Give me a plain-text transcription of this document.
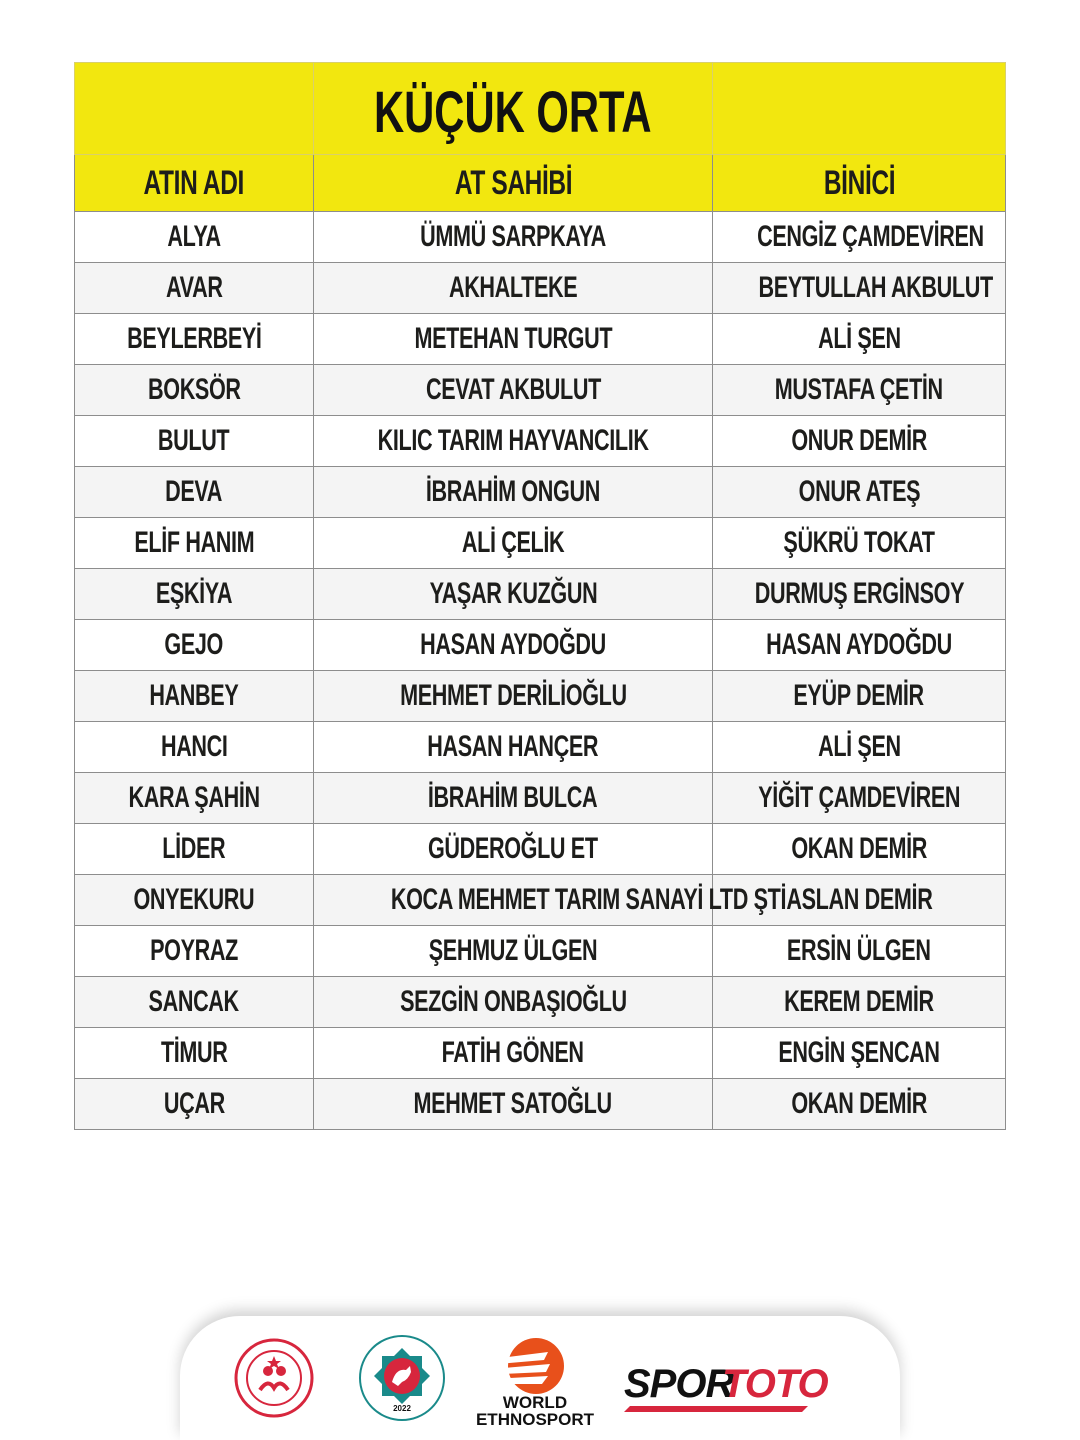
	KÜÇÜK ORTA	
ATIN ADI	AT SAHİBİ	BİNİCİ
ALYA	ÜMMÜ SARPKAYA	CENGİZ ÇAMDEVİREN
AVAR	AKHALTEKE	BEYTULLAH AKBULUT
BEYLERBEYİ	METEHAN TURGUT	ALİ ŞEN
BOKSÖR	CEVAT AKBULUT	MUSTAFA ÇETİN
BULUT	KILIC TARIM HAYVANCILIK	ONUR DEMİR
DEVA	İBRAHİM ONGUN	ONUR ATEŞ
ELİF HANIM	ALİ ÇELİK	ŞÜKRÜ TOKAT
EŞKİYA	YAŞAR KUZĞUN	DURMUŞ ERGİNSOY
GEJO	HASAN AYDOĞDU	HASAN AYDOĞDU
HANBEY	MEHMET DERİLİOĞLU	EYÜP DEMİR
HANCI	HASAN HANÇER	ALİ ŞEN
KARA ŞAHİN	İBRAHİM BULCA	YİĞİT ÇAMDEVİREN
LİDER	GÜDEROĞLU ET	OKAN DEMİR
ONYEKURU	KOCA MEHMET TARIM SANAYİ LTD ŞTİ	ASLAN DEMİR
POYRAZ	ŞEHMUZ ÜLGEN	ERSİN ÜLGEN
SANCAK	SEZGİN ONBAŞIOĞLU	KEREM DEMİR
TİMUR	FATİH GÖNEN	ENGİN ŞENCAN
UÇAR	MEHMET SATOĞLU	OKAN DEMİR
2022	WORLD
ETHNOSPORT
SPOR
TOTO
